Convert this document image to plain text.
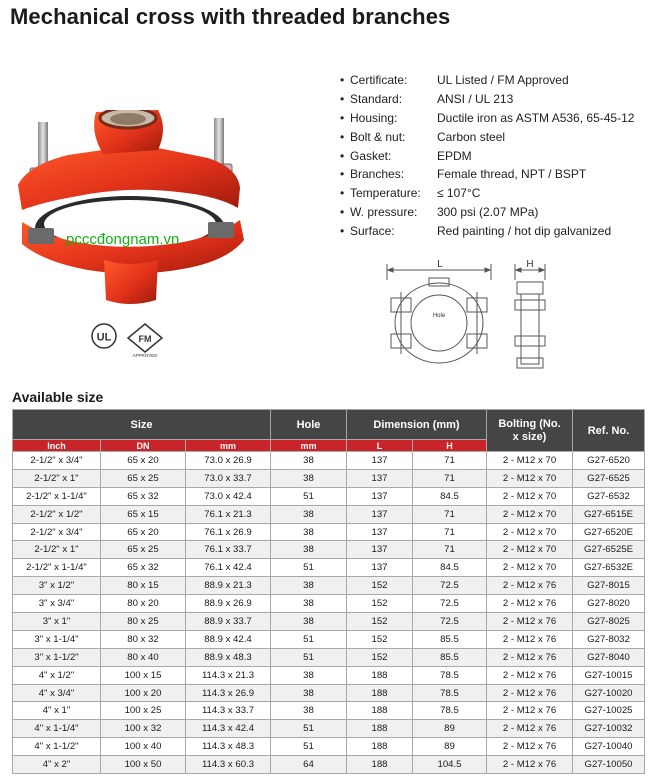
Mechanical cross with threaded branches
pcccđongnam.vn
UL	FM
APPROVED
• Certificate:	UL Listed / FM Approved
• Standard:	ANSI / UL 213
• Housing:	Ductile iron as ASTM A536, 65-45-12
• Bolt & nut:	Carbon steel
• Gasket:	EPDM
• Branches:	Female thread, NPT / BSPT
• Temperature:	≤ 107°C
• W. pressure:	300 psi (2.07 MPa)
• Surface:	Red painting / hot dip galvanized
L
Hole
H
Available size
Size			Hole	Dimension (mm)		Bolting (No. x size)	Ref. No.
Inch	DN	mm	mm	L	H		
2-1/2" x 3/4"	65 x 20	73.0 x 26.9	38	137	71	2 - M12 x 70	G27-6520
2-1/2" x 1"	65 x 25	73.0 x 33.7	38	137	71	2 - M12 x 70	G27-6525
2-1/2" x 1-1/4"	65 x 32	73.0 x 42.4	51	137	84.5	2 - M12 x 70	G27-6532
2-1/2" x 1/2"	65 x 15	76.1 x 21.3	38	137	71	2 - M12 x 70	G27-6515E
2-1/2" x 3/4"	65 x 20	76.1 x 26.9	38	137	71	2 - M12 x 70	G27-6520E
2-1/2" x 1"	65 x 25	76.1 x 33.7	38	137	71	2 - M12 x 70	G27-6525E
2-1/2" x 1-1/4"	65 x 32	76.1 x 42.4	51	137	84.5	2 - M12 x 70	G27-6532E
3" x 1/2"	80 x 15	88.9 x 21.3	38	152	72.5	2 - M12 x 76	G27-8015
3" x 3/4"	80 x 20	88.9 x 26.9	38	152	72.5	2 - M12 x 76	G27-8020
3" x 1"	80 x 25	88.9 x 33.7	38	152	72.5	2 - M12 x 76	G27-8025
3" x 1-1/4"	80 x 32	88.9 x 42.4	51	152	85.5	2 - M12 x 76	G27-8032
3" x 1-1/2"	80 x 40	88.9 x 48.3	51	152	85.5	2 - M12 x 76	G27-8040
4" x 1/2"	100 x 15	114.3 x 21.3	38	188	78.5	2 - M12 x 76	G27-10015
4" x 3/4"	100 x 20	114.3 x 26.9	38	188	78.5	2 - M12 x 76	G27-10020
4" x 1"	100 x 25	114.3 x 33.7	38	188	78.5	2 - M12 x 76	G27-10025
4" x 1-1/4"	100 x 32	114.3 x 42.4	51	188	89	2 - M12 x 76	G27-10032
4" x 1-1/2"	100 x 40	114.3 x 48.3	51	188	89	2 - M12 x 76	G27-10040
4" x 2"	100 x 50	114.3 x 60.3	64	188	104.5	2 - M12 x 76	G27-10050
